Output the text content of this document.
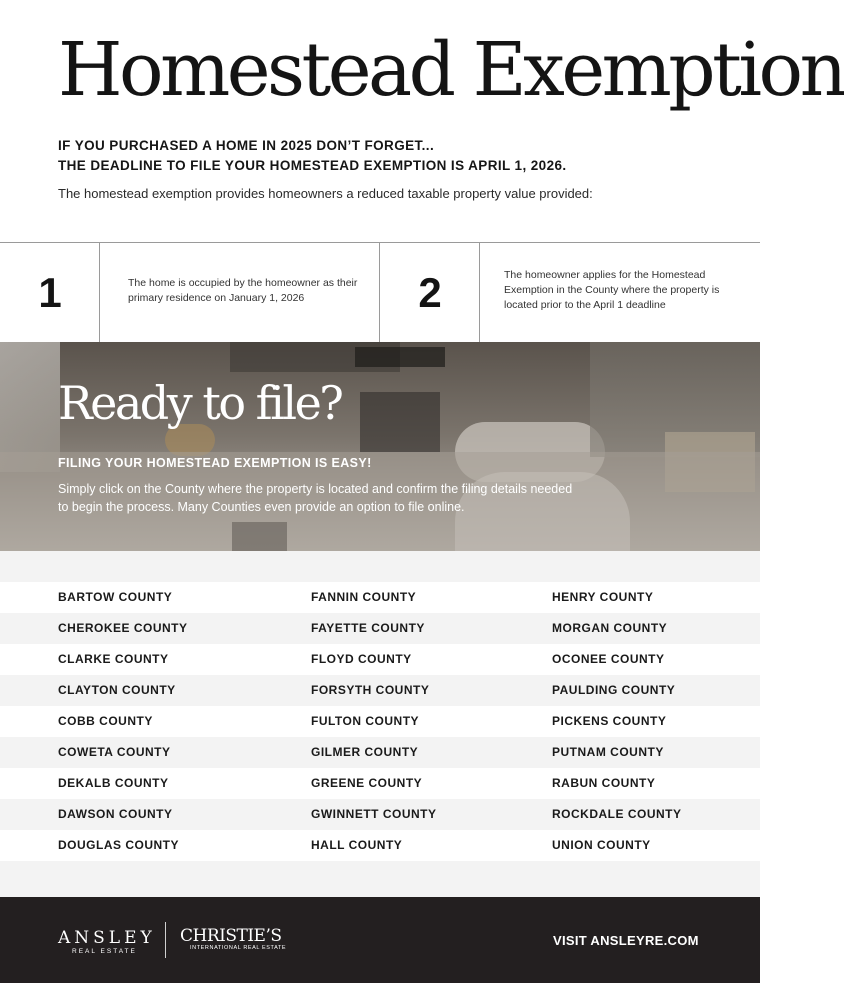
Homestead Exemption
IF YOU PURCHASED A HOME IN 2025 DON’T FORGET...
THE DEADLINE TO FILE YOUR HOMESTEAD EXEMPTION IS APRIL 1, 2026.
The homestead exemption provides homeowners a reduced taxable property value provided:
1	The home is occupied by the homeowner as their primary residence on January 1, 2026	2	The homeowner applies for the Homestead Exemption in the County where the property is located prior to the April 1 deadline
Ready to file?
FILING YOUR HOMESTEAD EXEMPTION IS EASY!
Simply click on the County where the property is located and confirm the filing details needed to begin the process. Many Counties even provide an option to file online.
BARTOW COUNTY	FANNIN COUNTY	HENRY COUNTY
CHEROKEE COUNTY	FAYETTE COUNTY	MORGAN COUNTY
CLARKE COUNTY	FLOYD COUNTY	OCONEE COUNTY
CLAYTON COUNTY	FORSYTH COUNTY	PAULDING COUNTY
COBB COUNTY	FULTON COUNTY	PICKENS COUNTY
COWETA COUNTY	GILMER COUNTY	PUTNAM COUNTY
DEKALB COUNTY	GREENE COUNTY	RABUN COUNTY
DAWSON COUNTY	GWINNETT COUNTY	ROCKDALE COUNTY
DOUGLAS COUNTY	HALL COUNTY	UNION COUNTY
ANSLEY
REAL ESTATE
CHRISTIE’S
INTERNATIONAL REAL ESTATE	VISIT ANSLEYRE.COM
